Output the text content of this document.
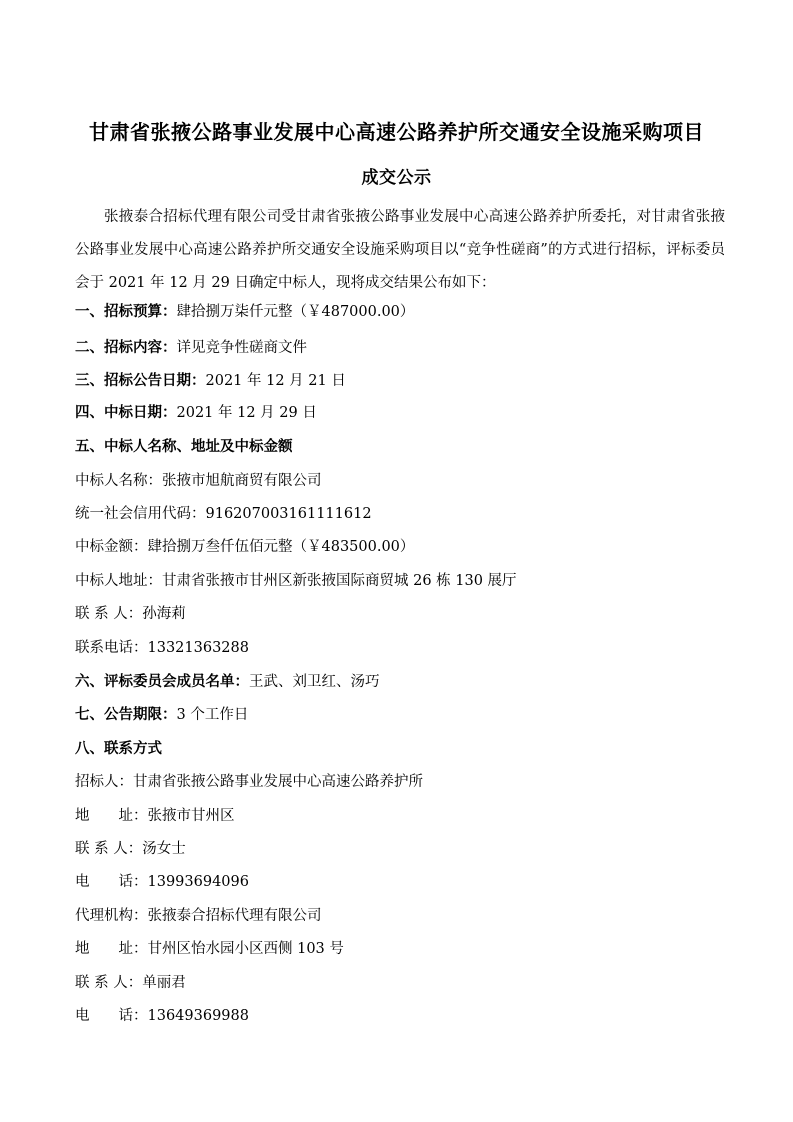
甘肃省张掖公路事业发展中心高速公路养护所交通安全设施采购项目
成交公示
张掖泰合招标代理有限公司受甘肃省张掖公路事业发展中心高速公路养护所委托，对甘肃省张掖公路事业发展中心高速公路养护所交通安全设施采购项目以“竞争性磋商”的方式进行招标，评标委员会于 2021 年 12 月 29 日确定中标人，现将成交结果公布如下：
一、招标预算：肆拾捌万柒仟元整（￥487000.00）
二、招标内容：详见竞争性磋商文件
三、招标公告日期：2021 年 12 月 21 日
四、中标日期：2021 年 12 月 29 日
五、中标人名称、地址及中标金额
中标人名称：张掖市旭航商贸有限公司
统一社会信用代码：916207003161111612
中标金额：肆拾捌万叁仟伍佰元整（￥483500.00）
中标人地址：甘肃省张掖市甘州区新张掖国际商贸城 26 栋 130 展厅
联 系 人：孙海莉
联系电话：13321363288
六、评标委员会成员名单：王武、刘卫红、汤巧
七、公告期限：3 个工作日
八、联系方式
招标人：甘肃省张掖公路事业发展中心高速公路养护所
地　　址：张掖市甘州区
联 系 人：汤女士
电　　话：13993694096
代理机构：张掖泰合招标代理有限公司
地　　址：甘州区怡水园小区西侧 103 号
联 系 人：单丽君
电　　话：13649369988
